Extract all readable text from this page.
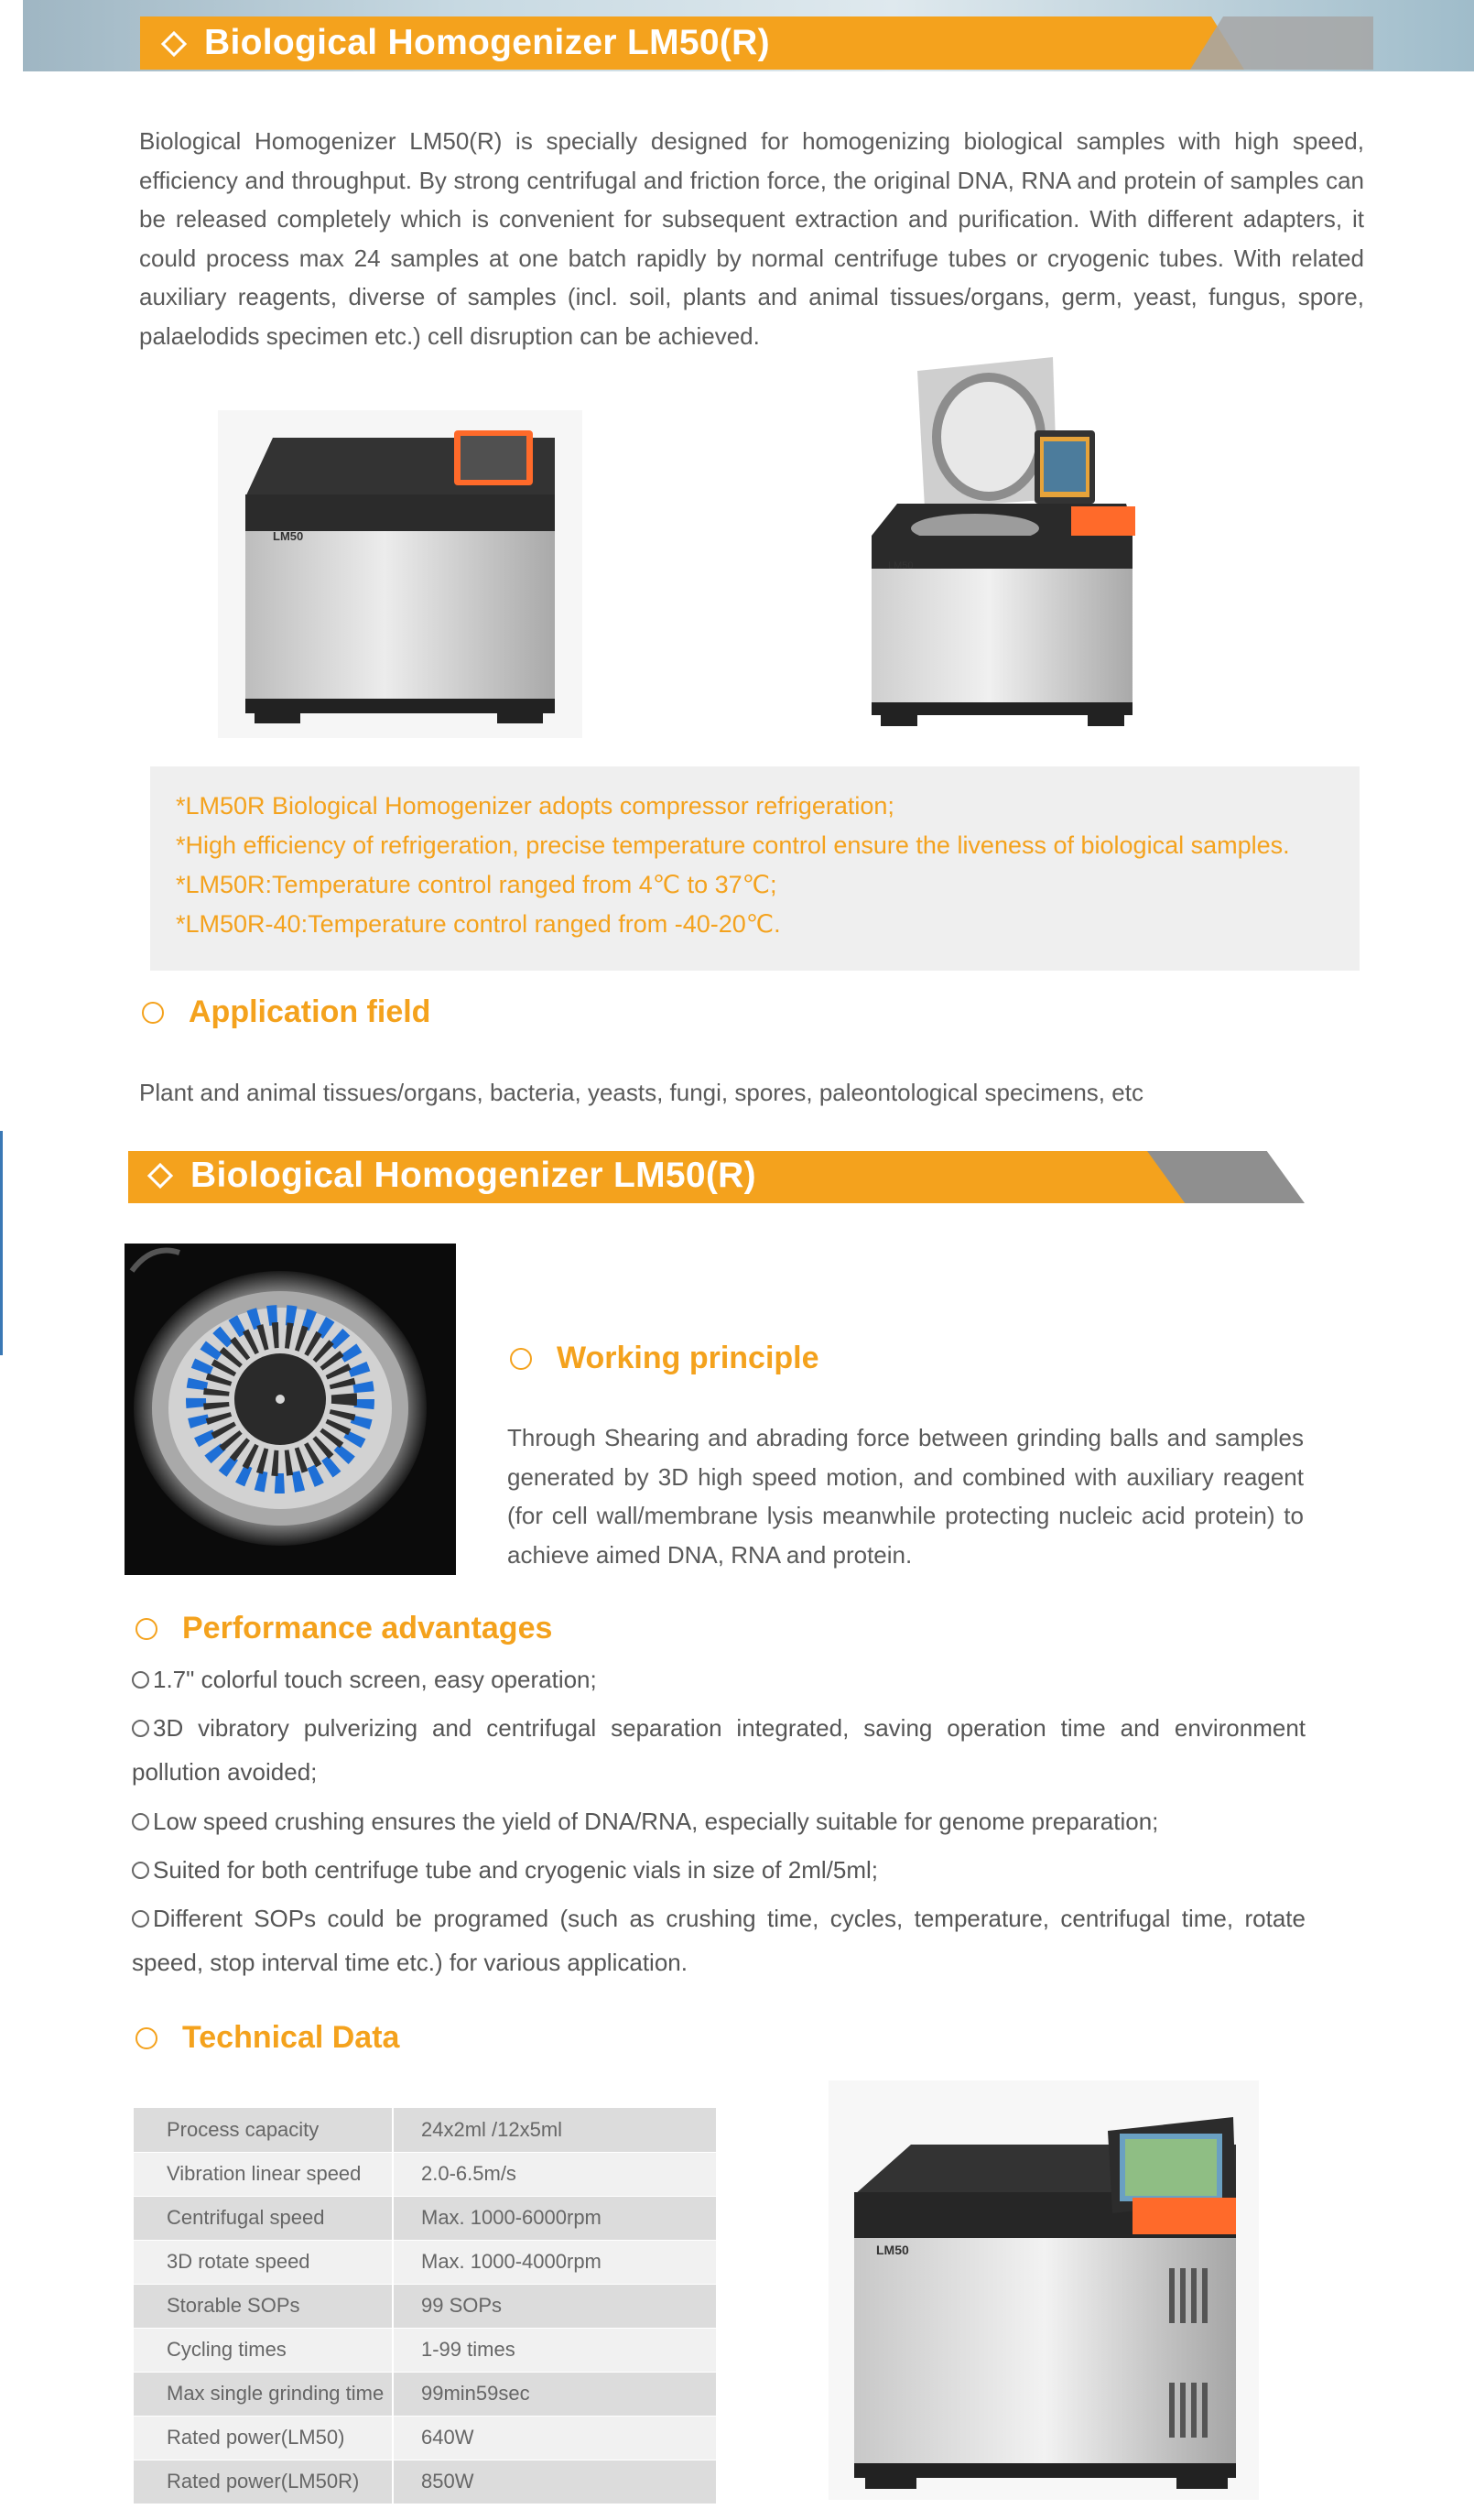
Biological Homogenizer LM50(R)

Biological Homogenizer LM50(R) is specially designed for homogenizing biological samples with high speed, efficiency and throughput. By strong centrifugal and friction force, the original DNA, RNA and protein of samples can be released completely which is convenient for subsequent extraction and purification. With different adapters, it could process max 24 samples at one batch rapidly by normal centrifuge tubes or cryogenic tubes. With related auxiliary reagents, diverse of samples (incl. soil, plants and animal tissues/organs, germ, yeast, fungus, spore, palaelodids specimen etc.) cell disruption can be achieved.

LM50
LM50
*LM50R Biological Homogenizer adopts compressor refrigeration;
*High efficiency of refrigeration, precise temperature control ensure the liveness of biological samples.
*LM50R:Temperature control ranged from 4℃ to 37℃;
*LM50R-40:Temperature control ranged from -40-20℃.
Application field

Plant and animal tissues/organs, bacteria, yeasts, fungi, spores, paleontological specimens, etc

Biological Homogenizer LM50(R)
Working principle

Through Shearing and abrading force between grinding balls and samples generated by 3D high speed motion, and combined with auxiliary reagent (for cell wall/membrane lysis meanwhile protecting nucleic acid protein) to achieve aimed DNA, RNA and protein.

Performance advantages

1.7" colorful touch screen, easy operation;

3D vibratory pulverizing and centrifugal separation integrated, saving operation time and environment pollution avoided;

Low speed crushing ensures the yield of DNA/RNA, especially suitable for genome preparation;

Suited for both centrifuge tube and cryogenic vials in size of 2ml/5ml;

Different SOPs could be programed (such as crushing time, cycles, temperature, centrifugal time, rotate speed, stop interval time etc.) for various application.

Technical Data
Process capacity	24x2ml /12x5ml
Vibration linear speed	2.0-6.5m/s
Centrifugal speed	Max. 1000-6000rpm
3D rotate speed	Max. 1000-4000rpm
Storable SOPs	99 SOPs
Cycling times	1-99 times
Max single grinding time	99min59sec
Rated power(LM50)	640W
Rated power(LM50R)	850W
LM50
